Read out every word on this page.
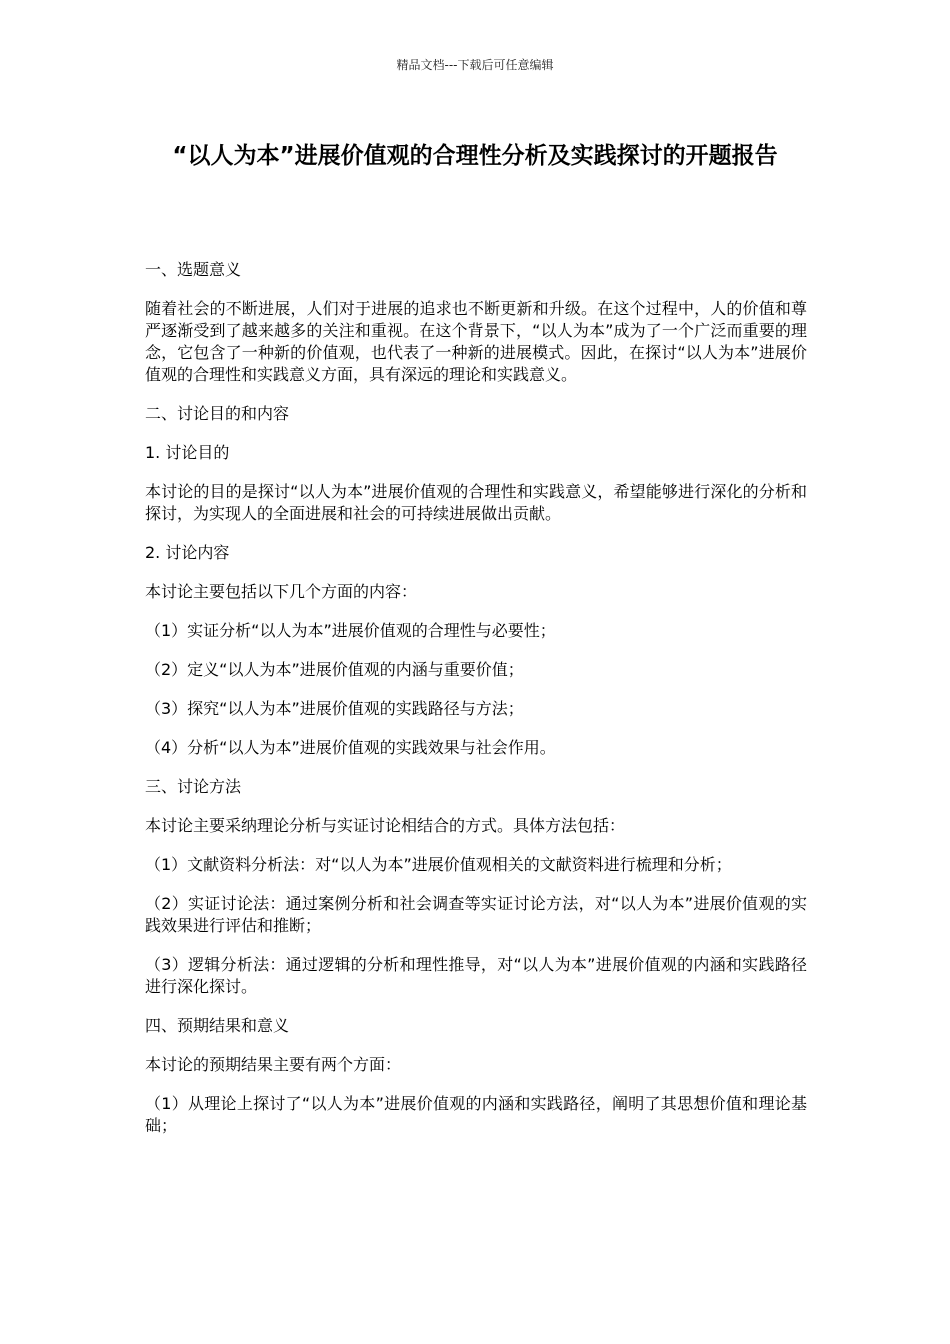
精品文档---下载后可任意编辑
“以人为本”进展价值观的合理性分析及实践探讨的开题报告

一、选题意义

随着社会的不断进展，人们对于进展的追求也不断更新和升级。在这个过程中，人的价值和尊严逐渐受到了越来越多的关注和重视。在这个背景下，“以人为本”成为了一个广泛而重要的理念，它包含了一种新的价值观，也代表了一种新的进展模式。因此，在探讨“以人为本”进展价值观的合理性和实践意义方面，具有深远的理论和实践意义。

二、讨论目的和内容

1. 讨论目的

本讨论的目的是探讨“以人为本”进展价值观的合理性和实践意义，希望能够进行深化的分析和探讨，为实现人的全面进展和社会的可持续进展做出贡献。

2. 讨论内容

本讨论主要包括以下几个方面的内容：

（1）实证分析“以人为本”进展价值观的合理性与必要性；

（2）定义“以人为本”进展价值观的内涵与重要价值；

（3）探究“以人为本”进展价值观的实践路径与方法；

（4）分析“以人为本”进展价值观的实践效果与社会作用。

三、讨论方法

本讨论主要采纳理论分析与实证讨论相结合的方式。具体方法包括：

（1）文献资料分析法：对“以人为本”进展价值观相关的文献资料进行梳理和分析；

（2）实证讨论法：通过案例分析和社会调查等实证讨论方法，对“以人为本”进展价值观的实践效果进行评估和推断；

（3）逻辑分析法：通过逻辑的分析和理性推导，对“以人为本”进展价值观的内涵和实践路径进行深化探讨。

四、预期结果和意义

本讨论的预期结果主要有两个方面：

（1）从理论上探讨了“以人为本”进展价值观的内涵和实践路径，阐明了其思想价值和理论基础；
